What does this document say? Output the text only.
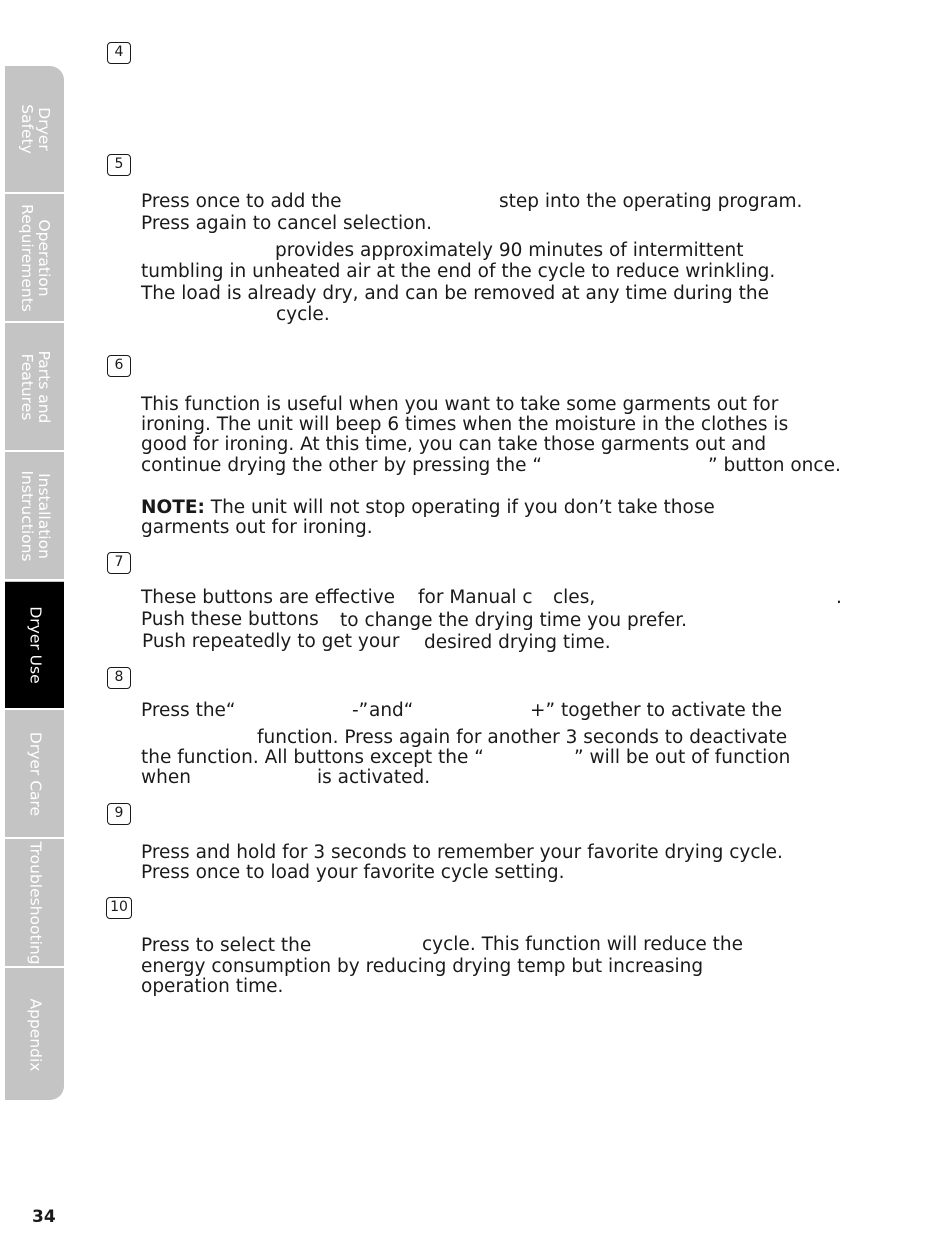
Dryer
Safety
Operation
Requirements
Parts and
Features
Installation
Instructions
Dryer Use
Dryer Care
Troubleshooting
Appendix
4
5
Press once to add the	step into the operating program.
Press again to cancel selection.
provides approximately 90 minutes of intermittent
tumbling in unheated air at the end of the cycle to reduce wrinkling.
The load is already dry, and can be removed at any time during the
cycle.
6
This function is useful when you want to take some garments out for
ironing. The unit will beep 6 times when the moisture in the clothes is
good for ironing. At this time, you can take those garments out and
continue drying the other by pressing the “	” button once.
NOTE: The unit will not stop operating if you don’t take those
garments out for ironing.
7
These buttons are effective for Manual c cles,	.
Push these buttons to change the drying time you prefer.
Push repeatedly to get your desired drying time.
8
Press the“	-” and“	+” together to activate the
function. Press again for another 3 seconds to deactivate
the function. All buttons except the “	” will be out of function
when	is activated.
9
Press and hold for 3 seconds to remember your favorite drying cycle.
Press once to load your favorite cycle setting.
10
Press to select the	cycle. This function will reduce the
energy consumption by reducing drying temp but increasing
operation time.
34
